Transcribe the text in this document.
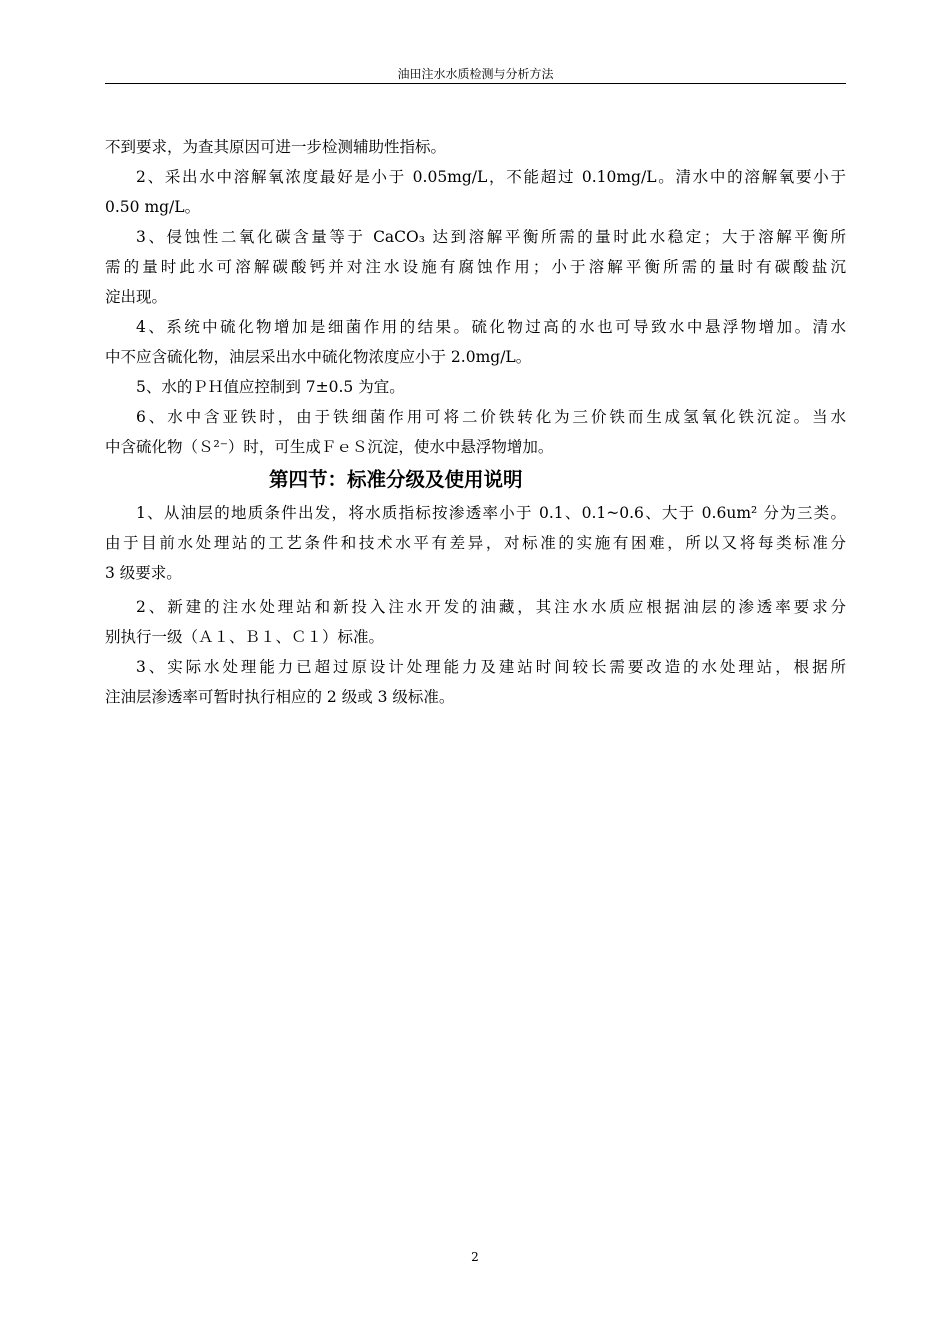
油田注水水质检测与分析方法
不到要求，为查其原因可进一步检测辅助性指标。
2、采出水中溶解氧浓度最好是小于 0.05mg/L，不能超过 0.10mg/L。清水中的溶解氧要小于
0.50 mg/L。
3、侵蚀性二氧化碳含量等于 CaCO₃ 达到溶解平衡所需的量时此水稳定；大于溶解平衡所
需的量时此水可溶解碳酸钙并对注水设施有腐蚀作用；小于溶解平衡所需的量时有碳酸盐沉
淀出现。
4、系统中硫化物增加是细菌作用的结果。硫化物过高的水也可导致水中悬浮物增加。清水
中不应含硫化物，油层采出水中硫化物浓度应小于 2.0mg/L。
5、水的ＰＨ值应控制到 7±0.5 为宜。
6、水中含亚铁时，由于铁细菌作用可将二价铁转化为三价铁而生成氢氧化铁沉淀。当水
中含硫化物（Ｓ²⁻）时，可生成ＦｅＳ沉淀，使水中悬浮物增加。
第四节：标准分级及使用说明
1、从油层的地质条件出发，将水质指标按渗透率小于 0.1、0.1~0.6、大于 0.6um² 分为三类。
由于目前水处理站的工艺条件和技术水平有差异，对标准的实施有困难，所以又将每类标准分
3 级要求。
2、新建的注水处理站和新投入注水开发的油藏，其注水水质应根据油层的渗透率要求分
别执行一级（Ａ１、Ｂ１、Ｃ１）标准。
3、实际水处理能力已超过原设计处理能力及建站时间较长需要改造的水处理站，根据所
注油层渗透率可暂时执行相应的 2 级或 3 级标准。
2
